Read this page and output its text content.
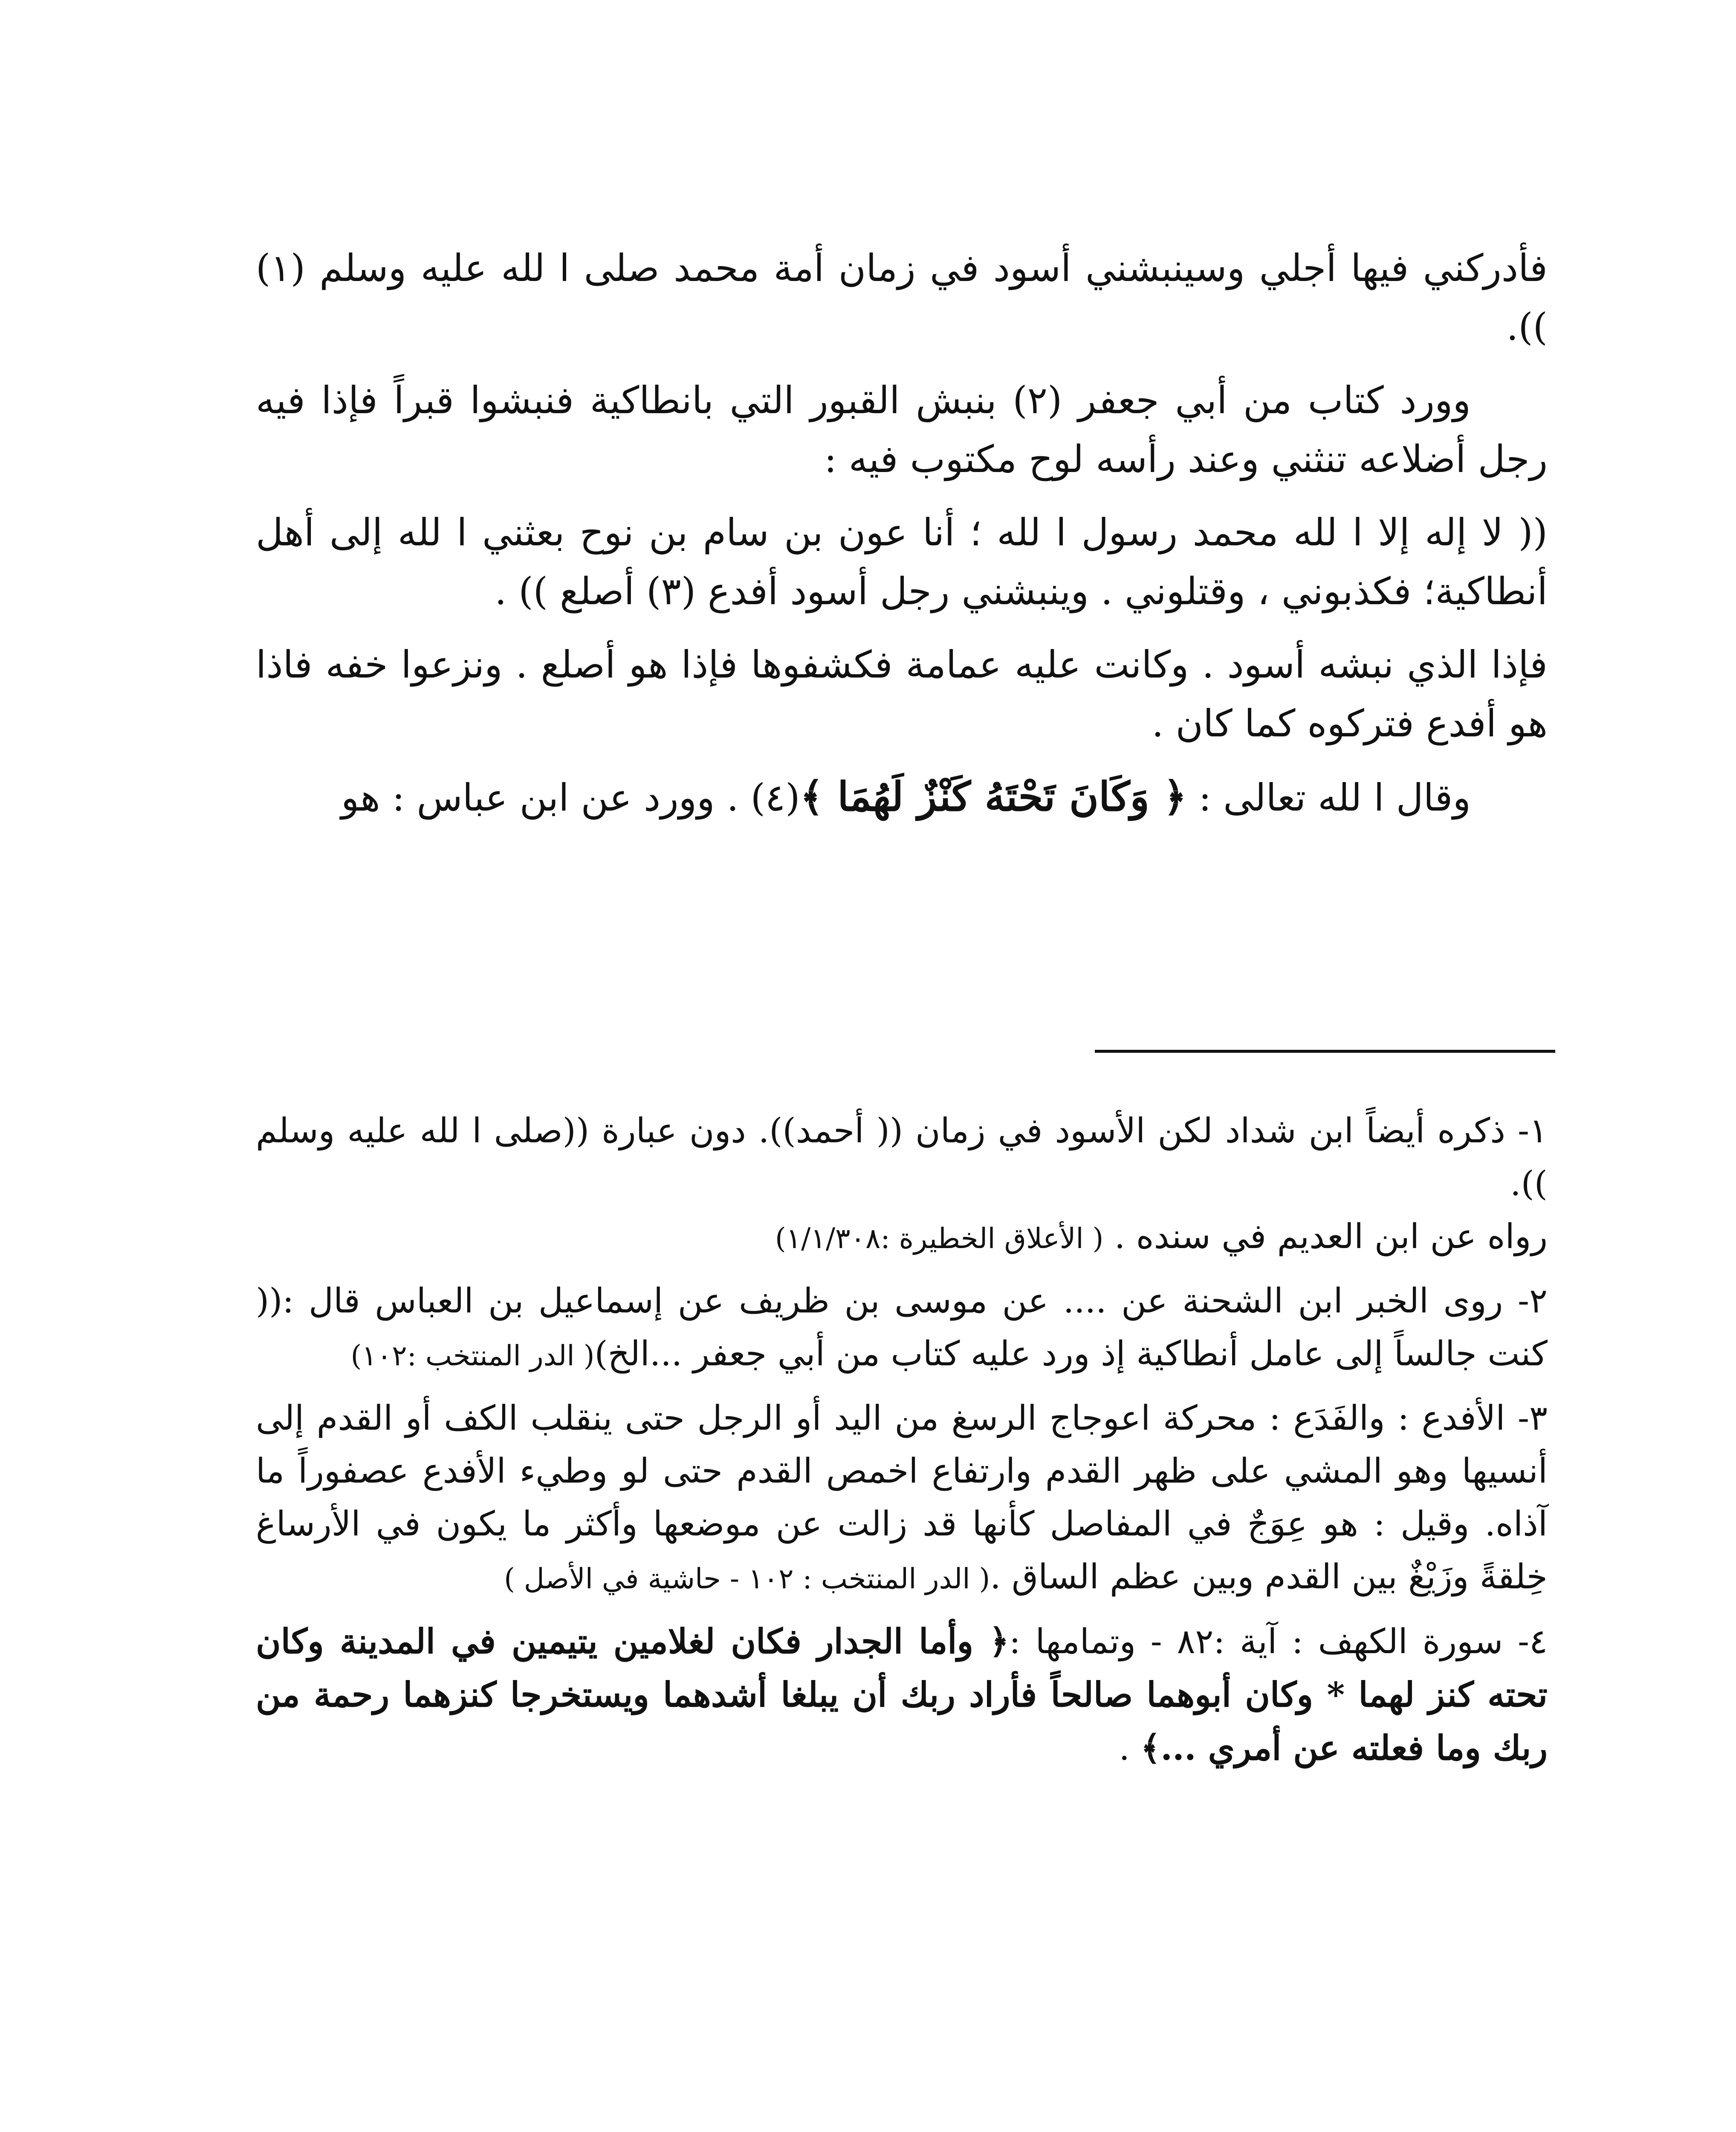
فأدركني فيها أجلي وسينبشني أسود في زمان أمة محمد صلى ا لله عليه وسلم (١) )).

وورد كتاب من أبي جعفر (٢) بنبش القبور التي بانطاكية فنبشوا قبراً فإذا فيه رجل أضلاعه تنثني وعند رأسه لوح مكتوب فيه :

(( لا إله إلا ا لله محمد رسول ا لله ؛ أنا عون بن سام بن نوح بعثني ا لله إلى أهل أنطاكية؛ فكذبوني ، وقتلوني . وينبشني رجل أسود أفدع (٣) أصلع )) .

فإذا الذي نبشه أسود . وكانت عليه عمامة فكشفوها فإذا هو أصلع . ونزعوا خفه فاذا هو أفدع فتركوه كما كان .

وقال ا لله تعالى : ﴿ وَكَانَ تَحْتَهُ كَنْزٌ لَهُمَا ﴾(٤) . وورد عن ابن عباس : هو

١- ذكره أيضاً ابن شداد لكن الأسود في زمان (( أحمد)). دون عبارة ((صلى ا لله عليه وسلم )).
رواه عن ابن العديم في سنده . ( الأعلاق الخطيرة :١/١/٣٠٨)

٢- روى الخبر ابن الشحنة عن .... عن موسى بن ظريف عن إسماعيل بن العباس قال :(( كنت جالساً إلى عامل أنطاكية إذ ورد عليه كتاب من أبي جعفر ...الخ)( الدر المنتخب :١٠٢)

٣- الأفدع : والفَدَع : محركة اعوجاج الرسغ من اليد أو الرجل حتى ينقلب الكف أو القدم إلى أنسيها وهو المشي على ظهر القدم وارتفاع اخمص القدم حتى لو وطيء الأفدع عصفوراً ما آذاه. وقيل : هو عِوَجٌ في المفاصل كأنها قد زالت عن موضعها وأكثر ما يكون في الأرساغ خِلقةً وزَيْغٌ بين القدم وبين عظم الساق .( الدر المنتخب : ١٠٢ - حاشية في الأصل )

٤- سورة الكهف : آية :٨٢ - وتمامها :﴿ وأما الجدار فكان لغلامين يتيمين في المدينة وكان تحته كنز لهما * وكان أبوهما صالحاً فأراد ربك أن يبلغا أشدهما ويستخرجا كنزهما رحمة من ربك وما فعلته عن أمري ...﴾ .
